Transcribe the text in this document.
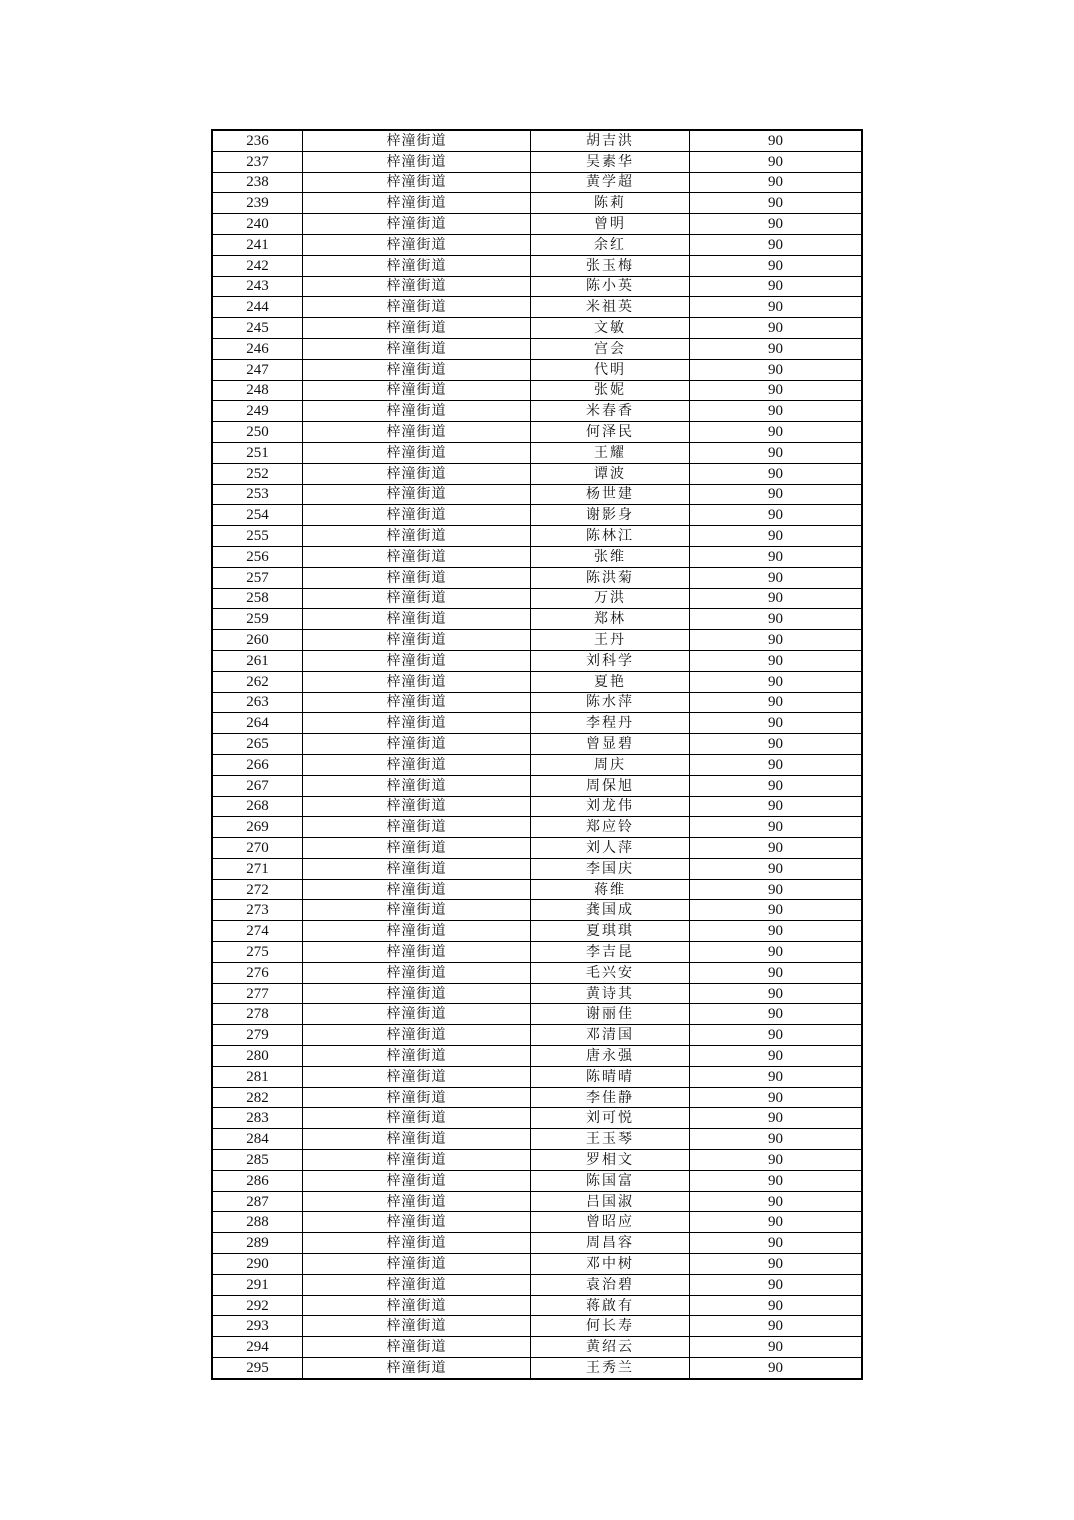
236	梓潼街道	胡吉洪	90
237	梓潼街道	吴素华	90
238	梓潼街道	黄学超	90
239	梓潼街道	陈莉	90
240	梓潼街道	曾明	90
241	梓潼街道	余红	90
242	梓潼街道	张玉梅	90
243	梓潼街道	陈小英	90
244	梓潼街道	米祖英	90
245	梓潼街道	文敏	90
246	梓潼街道	宫会	90
247	梓潼街道	代明	90
248	梓潼街道	张妮	90
249	梓潼街道	米春香	90
250	梓潼街道	何泽民	90
251	梓潼街道	王耀	90
252	梓潼街道	谭波	90
253	梓潼街道	杨世建	90
254	梓潼街道	谢影身	90
255	梓潼街道	陈林江	90
256	梓潼街道	张维	90
257	梓潼街道	陈洪菊	90
258	梓潼街道	万洪	90
259	梓潼街道	郑林	90
260	梓潼街道	王丹	90
261	梓潼街道	刘科学	90
262	梓潼街道	夏艳	90
263	梓潼街道	陈水萍	90
264	梓潼街道	李程丹	90
265	梓潼街道	曾显碧	90
266	梓潼街道	周庆	90
267	梓潼街道	周保旭	90
268	梓潼街道	刘龙伟	90
269	梓潼街道	郑应铃	90
270	梓潼街道	刘人萍	90
271	梓潼街道	李国庆	90
272	梓潼街道	蒋维	90
273	梓潼街道	龚国成	90
274	梓潼街道	夏琪琪	90
275	梓潼街道	李吉昆	90
276	梓潼街道	毛兴安	90
277	梓潼街道	黄诗其	90
278	梓潼街道	谢丽佳	90
279	梓潼街道	邓清国	90
280	梓潼街道	唐永强	90
281	梓潼街道	陈晴晴	90
282	梓潼街道	李佳静	90
283	梓潼街道	刘可悦	90
284	梓潼街道	王玉琴	90
285	梓潼街道	罗相文	90
286	梓潼街道	陈国富	90
287	梓潼街道	吕国淑	90
288	梓潼街道	曾昭应	90
289	梓潼街道	周昌容	90
290	梓潼街道	邓中树	90
291	梓潼街道	袁治碧	90
292	梓潼街道	蒋啟有	90
293	梓潼街道	何长寿	90
294	梓潼街道	黄绍云	90
295	梓潼街道	王秀兰	90
